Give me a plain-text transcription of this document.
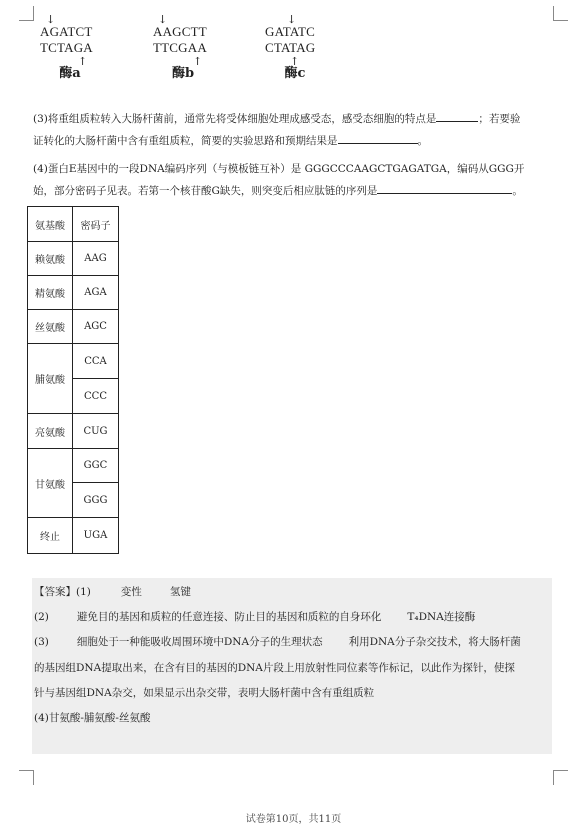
↓
AGATCT
TCTAGA
↑
酶a
↓
AAGCTT
TTCGAA
↑
酶b
↓
GATATC
CTATAG
↑
酶c
(3)将重组质粒转入大肠杆菌前，通常先将受体细胞处理成感受态，感受态细胞的特点是	；若要验
证转化的大肠杆菌中含有重组质粒，简要的实验思路和预期结果是	。
(4)蛋白E基因中的一段DNA编码序列（与模板链互补）是 GGGCCCAAGCTGAGATGA，编码从GGG开
始，部分密码子见表。若第一个核苷酸G缺失，则突变后相应肽链的序列是	。
氨基酸	密码子
赖氨酸	AAG
精氨酸	AGA
丝氨酸	AGC
脯氨酸	CCA
	CCC
亮氨酸	CUG
甘氨酸	GGC
	GGG
终止	UGA
【答案】(1)	变性	氢键
(2)	避免目的基因和质粒的任意连接、防止目的基因和质粒的自身环化 T₄DNA连接酶
(3)	细胞处于一种能吸收周围环境中DNA分子的生理状态 利用DNA分子杂交技术，将大肠杆菌
的基因组DNA提取出来，在含有目的基因的DNA片段上用放射性同位素等作标记，以此作为探针，使探
针与基因组DNA杂交，如果显示出杂交带，表明大肠杆菌中含有重组质粒
(4)甘氨酸-脯氨酸-丝氨酸
试卷第10页，共11页
